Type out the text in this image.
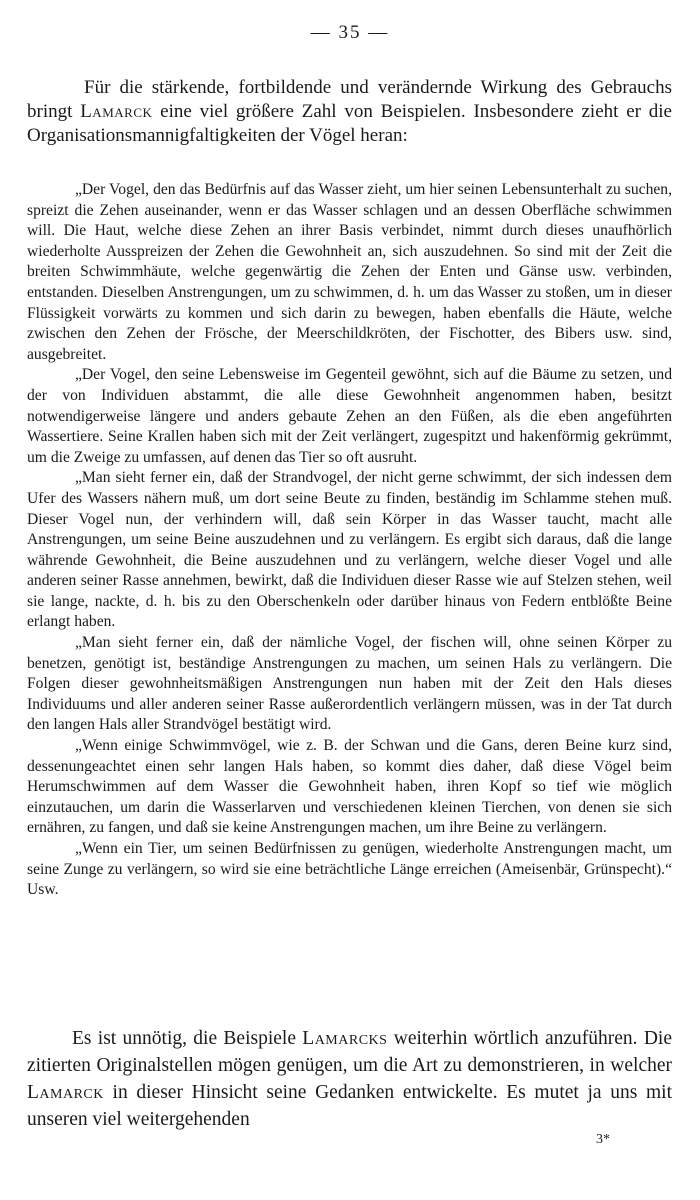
— 35 —

Für die stärkende, fortbildende und verändernde Wirkung des Gebrauchs bringt Lamarck eine viel größere Zahl von Beispielen. Insbesondere zieht er die Organisationsmannigfaltigkeiten der Vögel heran:

„Der Vogel, den das Bedürfnis auf das Wasser zieht, um hier seinen Lebensunterhalt zu suchen, spreizt die Zehen auseinander, wenn er das Wasser schlagen und an dessen Oberfläche schwimmen will. Die Haut, welche diese Zehen an ihrer Basis verbindet, nimmt durch dieses unaufhörlich wiederholte Ausspreizen der Zehen die Gewohnheit an, sich auszudehnen. So sind mit der Zeit die breiten Schwimmhäute, welche gegenwärtig die Zehen der Enten und Gänse usw. verbinden, entstanden. Dieselben Anstrengungen, um zu schwimmen, d. h. um das Wasser zu stoßen, um in dieser Flüssigkeit vorwärts zu kommen und sich darin zu bewegen, haben ebenfalls die Häute, welche zwischen den Zehen der Frösche, der Meerschildkröten, der Fischotter, des Bibers usw. sind, ausgebreitet.

„Der Vogel, den seine Lebensweise im Gegenteil gewöhnt, sich auf die Bäume zu setzen, und der von Individuen abstammt, die alle diese Gewohnheit angenommen haben, besitzt notwendigerweise längere und anders gebaute Zehen an den Füßen, als die eben angeführten Wassertiere. Seine Krallen haben sich mit der Zeit verlängert, zugespitzt und hakenförmig gekrümmt, um die Zweige zu umfassen, auf denen das Tier so oft ausruht.

„Man sieht ferner ein, daß der Strandvogel, der nicht gerne schwimmt, der sich indessen dem Ufer des Wassers nähern muß, um dort seine Beute zu finden, beständig im Schlamme stehen muß. Dieser Vogel nun, der verhindern will, daß sein Körper in das Wasser taucht, macht alle Anstrengungen, um seine Beine auszudehnen und zu verlängern. Es ergibt sich daraus, daß die lange währende Gewohnheit, die Beine auszudehnen und zu verlängern, welche dieser Vogel und alle anderen seiner Rasse annehmen, bewirkt, daß die Individuen dieser Rasse wie auf Stelzen stehen, weil sie lange, nackte, d. h. bis zu den Oberschenkeln oder darüber hinaus von Federn entblößte Beine erlangt haben.

„Man sieht ferner ein, daß der nämliche Vogel, der fischen will, ohne seinen Körper zu benetzen, genötigt ist, beständige Anstrengungen zu machen, um seinen Hals zu verlängern. Die Folgen dieser gewohnheitsmäßigen Anstrengungen nun haben mit der Zeit den Hals dieses Individuums und aller anderen seiner Rasse außerordentlich verlängern müssen, was in der Tat durch den langen Hals aller Strandvögel bestätigt wird.

„Wenn einige Schwimmvögel, wie z. B. der Schwan und die Gans, deren Beine kurz sind, dessenungeachtet einen sehr langen Hals haben, so kommt dies daher, daß diese Vögel beim Herumschwimmen auf dem Wasser die Gewohnheit haben, ihren Kopf so tief wie möglich einzutauchen, um darin die Wasserlarven und verschiedenen kleinen Tierchen, von denen sie sich ernähren, zu fangen, und daß sie keine Anstrengungen machen, um ihre Beine zu verlängern.

„Wenn ein Tier, um seinen Bedürfnissen zu genügen, wiederholte Anstrengungen macht, um seine Zunge zu verlängern, so wird sie eine beträchtliche Länge erreichen (Ameisenbär, Grünspecht).“ Usw.

Es ist unnötig, die Beispiele Lamarcks weiterhin wörtlich anzuführen. Die zitierten Originalstellen mögen genügen, um die Art zu demonstrieren, in welcher Lamarck in dieser Hinsicht seine Gedanken entwickelte. Es mutet ja uns mit unseren viel weitergehenden

3*
